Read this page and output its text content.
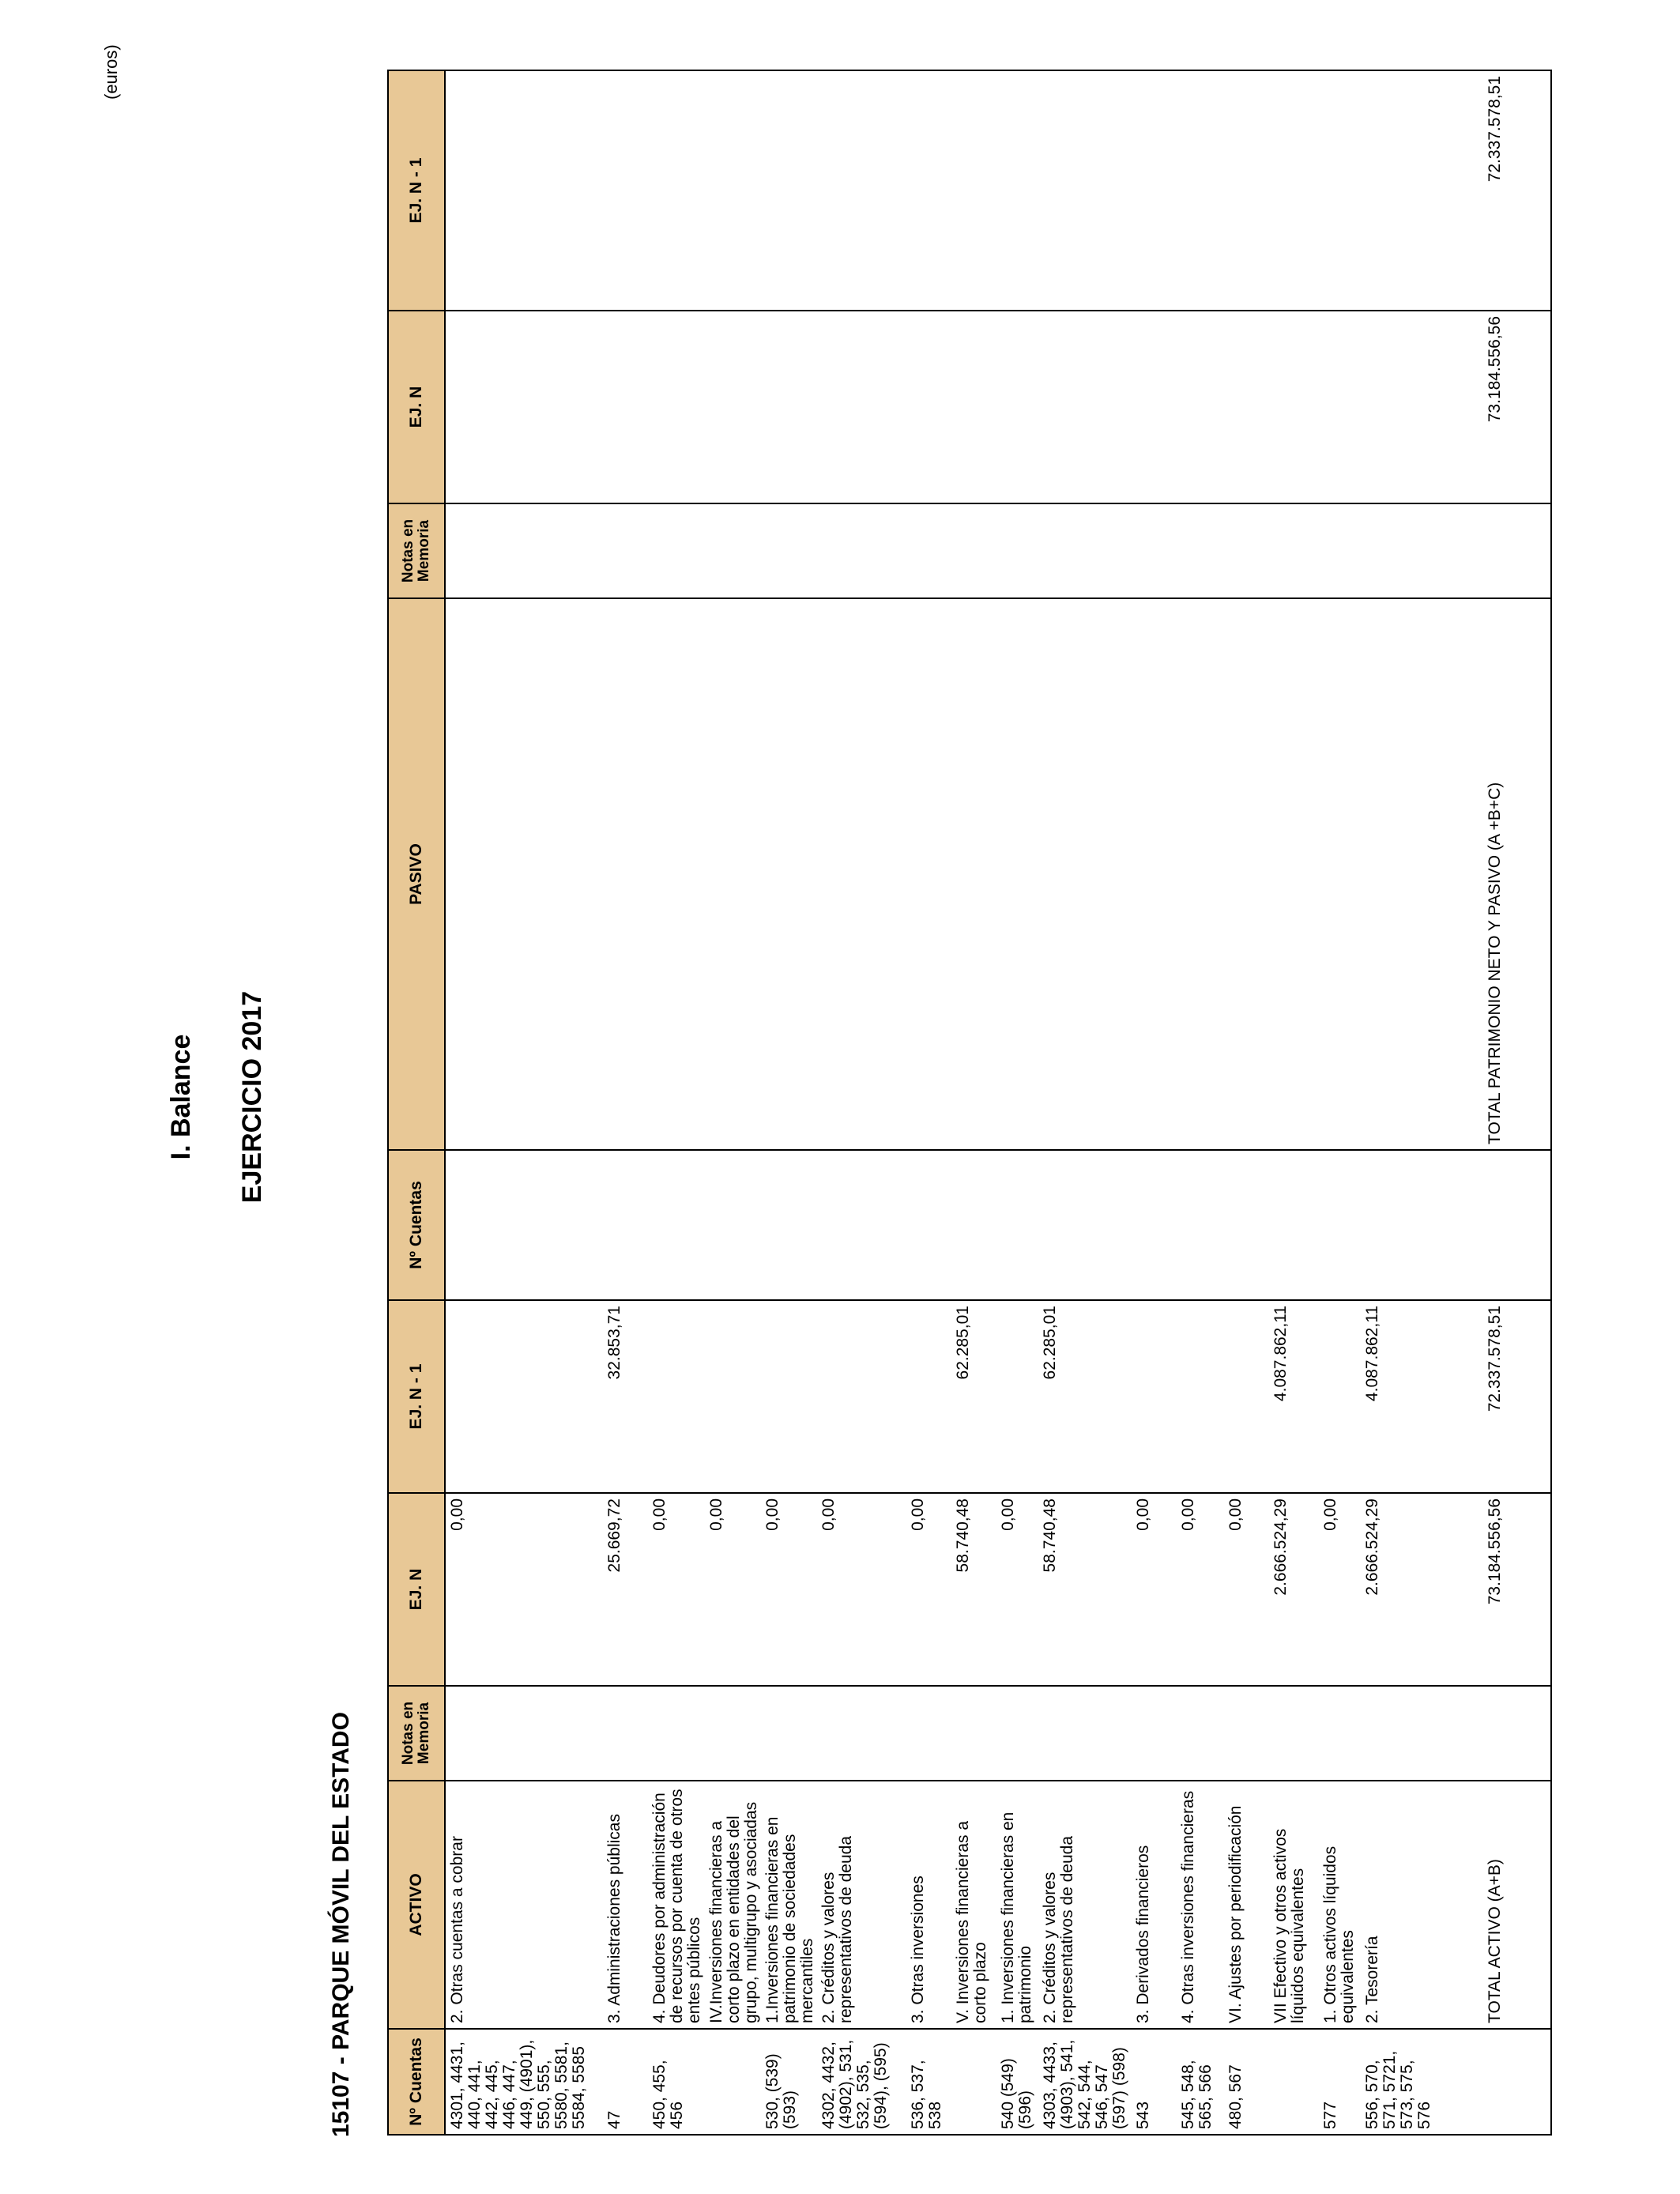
I. Balance EJERCICIO 2017
15107 - PARQUE MÓVIL DEL ESTADO
(euros)
Nº Cuentas	ACTIVO	Notas en Memoria	EJ. N	EJ. N - 1	Nº Cuentas	PASIVO	Notas en Memoria	EJ. N	EJ. N - 1
4301, 4431, 440, 441, 442, 445, 446, 447, 449, (4901), 550, 555, 5580, 5581, 5584, 5585	2. Otras cuentas a cobrar		0,00						
47	3. Administraciones públicas		25.669,72	32.853,71					
450, 455, 456	4. Deudores por administración de recursos por cuenta de otros entes públicos		0,00						
	IV.Inversiones financieras a corto plazo en entidades del grupo, multigrupo y asociadas		0,00						
530, (539) (593)	1.Inversiones financieras en patrimonio de sociedades mercantiles		0,00						
4302, 4432, (4902), 531, 532, 535, (594), (595)	2. Créditos y valores representativos de deuda		0,00						
536, 537, 538	3. Otras inversiones		0,00						
	V. Inversiones financieras a corto plazo		58.740,48	62.285,01					
540 (549) (596)	1. Inversiones financieras en patrimonio		0,00						
4303, 4433, (4903), 541, 542, 544, 546, 547 (597) (598)	2. Créditos y valores representativos de deuda		58.740,48	62.285,01					
543	3. Derivados financieros		0,00						
545, 548, 565, 566	4. Otras inversiones financieras		0,00						
480, 567	VI. Ajustes por periodificación		0,00						
	VII Efectivo y otros activos líquidos equivalentes		2.666.524,29	4.087.862,11					
577	1. Otros activos líquidos equivalentes		0,00						
556, 570, 571, 5721, 573, 575, 576	2. Tesorería		2.666.524,29	4.087.862,11					
	TOTAL ACTIVO (A+B)		73.184.556,56	72.337.578,51		TOTAL PATRIMONIO NETO Y PASIVO (A +B+C)		73.184.556,56	72.337.578,51
